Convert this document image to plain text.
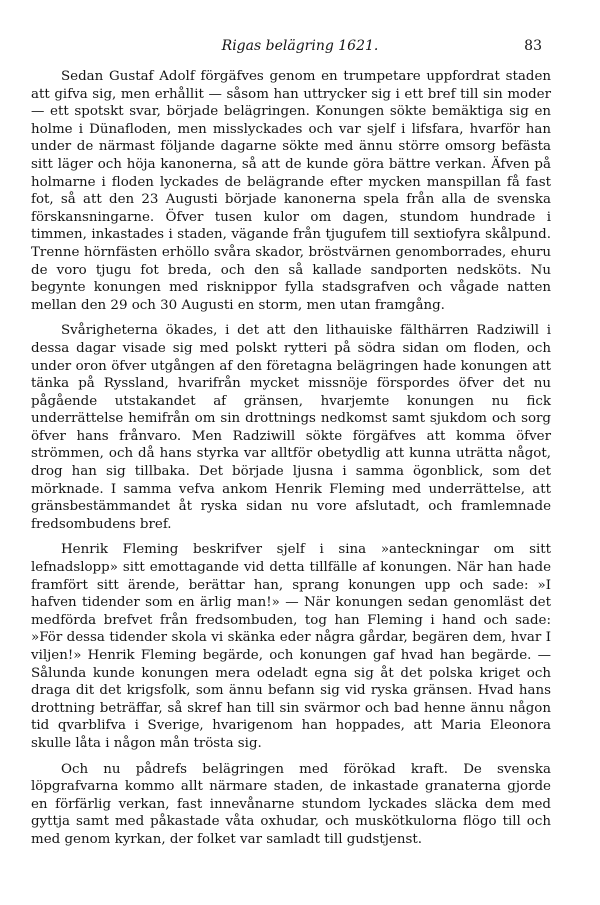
Rigas belägring 1621.	83

Sedan Gustaf Adolf förgäfves genom en trumpetare uppfordrat staden att gifva sig, men erhållit — såsom han uttrycker sig i ett bref till sin moder — ett spotskt svar, började belägringen. Konungen sökte bemäktiga sig en holme i Dünafloden, men misslyckades och var sjelf i lifsfara, hvarför han under de närmast följande dagarne sökte med ännu större omsorg befästa sitt läger och höja kanonerna, så att de kunde göra bättre verkan. Äfven på holmarne i floden lyckades de belägrande efter mycken manspillan få fast fot, så att den 23 Augusti började kanonerna spela från alla de svenska förskansningarne. Öfver tusen kulor om dagen, stundom hundrade i timmen, inkastades i staden, vägande från tjugufem till sextiofyra skålpund. Trenne hörnfästen erhöllo svåra skador, bröstvärnen genomborrades, ehuru de voro tjugu fot breda, och den så kallade sandporten nedsköts. Nu begynte konungen med risknippor fylla stadsgrafven och vågade natten mellan den 29 och 30 Augusti en storm, men utan framgång.

Svårigheterna ökades, i det att den lithauiske fälthärren Radziwill i dessa dagar visade sig med polskt rytteri på södra sidan om floden, och under oron öfver utgången af den företagna belägringen hade konungen att tänka på Ryssland, hvarifrån mycket missnöje förspordes öfver det nu pågående utstakandet af gränsen, hvarjemte konungen nu fick underrättelse hemifrån om sin drottnings nedkomst samt sjukdom och sorg öfver hans frånvaro. Men Radziwill sökte förgäfves att komma öfver strömmen, och då hans styrka var alltför obetydlig att kunna uträtta något, drog han sig tillbaka. Det började ljusna i samma ögonblick, som det mörknade. I samma vefva ankom Henrik Fleming med underrättelse, att gränsbestämmandet åt ryska sidan nu vore afslutadt, och framlemnade fredsombudens bref.

Henrik Fleming beskrifver sjelf i sina »anteckningar om sitt lefnadslopp» sitt emottagande vid detta tillfälle af konungen. När han hade framfört sitt ärende, berättar han, sprang konungen upp och sade: »I hafven tidender som en ärlig man!» — När konungen sedan genomläst det medförda brefvet från fredsombuden, tog han Fleming i hand och sade: »För dessa tidender skola vi skänka eder några gårdar, begären dem, hvar I viljen!» Henrik Fleming begärde, och konungen gaf hvad han begärde. — Sålunda kunde konungen mera odeladt egna sig åt det polska kriget och draga dit det krigsfolk, som ännu befann sig vid ryska gränsen. Hvad hans drottning beträffar, så skref han till sin svärmor och bad henne ännu någon tid qvarblifva i Sverige, hvarigenom han hoppades, att Maria Eleonora skulle låta i någon mån trösta sig.

Och nu pådrefs belägringen med förökad kraft. De svenska löpgrafvarna kommo allt närmare staden, de inkastade granaterna gjorde en förfärlig verkan, fast innevånarne stundom lyckades släcka dem med gyttja samt med påkastade våta oxhudar, och muskötkulorna flögo till och med genom kyrkan, der folket var samladt till gudstjenst.
